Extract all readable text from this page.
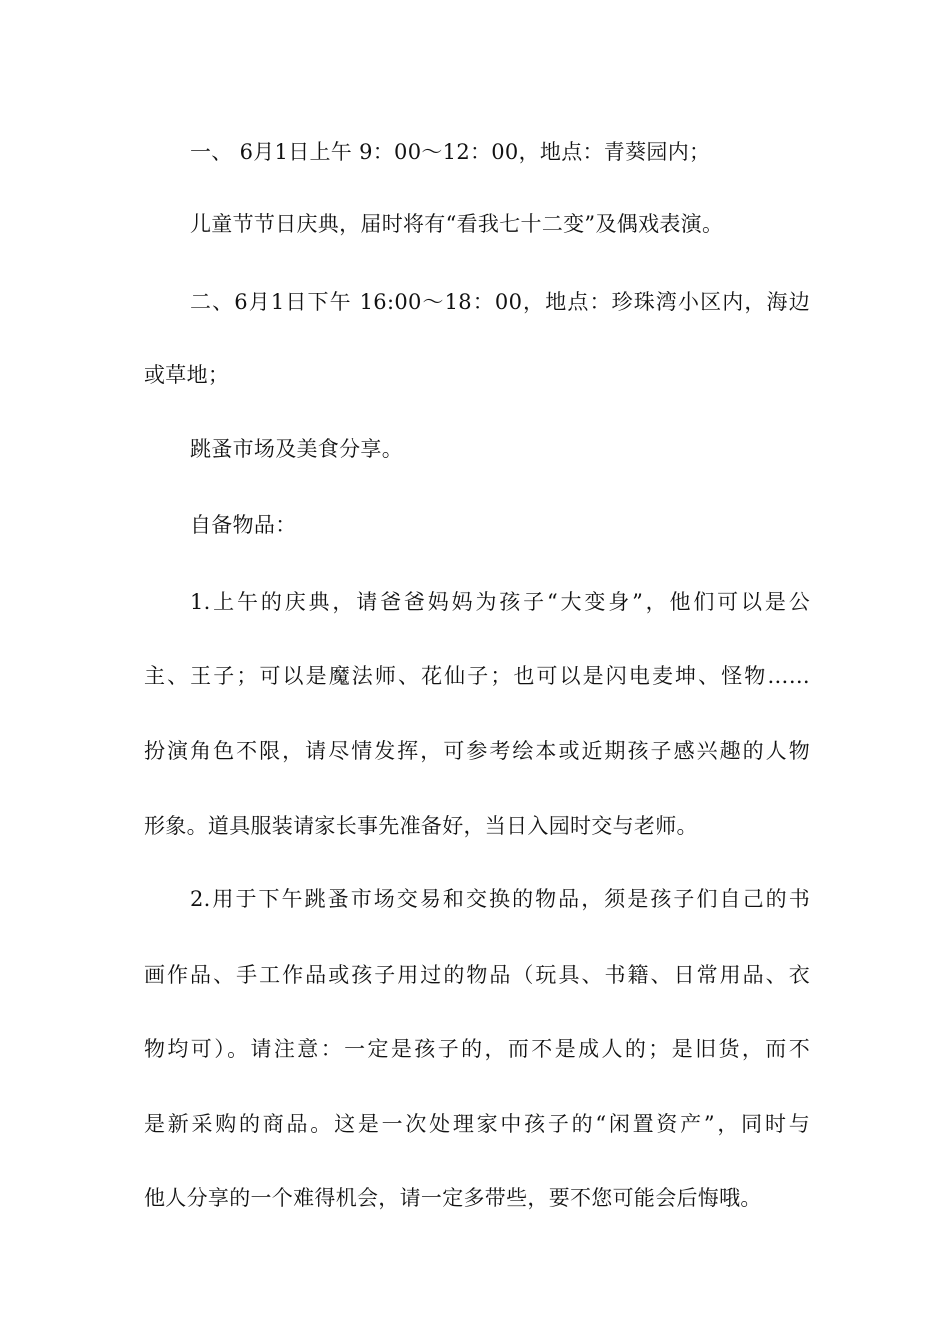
一、 6月1日上午 9：00～12：00，地点：青葵园内；
儿童节节日庆典，届时将有“看我七十二变”及偶戏表演。
二、6月1日下午 16:00～18：00，地点：珍珠湾小区内，海边
或草地；
跳蚤市场及美食分享。
自备物品：
1.上午的庆典，请爸爸妈妈为孩子“大变身”，他们可以是公
主、王子；可以是魔法师、花仙子；也可以是闪电麦坤、怪物……
扮演角色不限，请尽情发挥，可参考绘本或近期孩子感兴趣的人物
形象。道具服装请家长事先准备好，当日入园时交与老师。
2.用于下午跳蚤市场交易和交换的物品，须是孩子们自己的书
画作品、手工作品或孩子用过的物品（玩具、书籍、日常用品、衣
物均可）。请注意：一定是孩子的，而不是成人的；是旧货，而不
是新采购的商品。这是一次处理家中孩子的“闲置资产”，同时与
他人分享的一个难得机会，请一定多带些，要不您可能会后悔哦。
